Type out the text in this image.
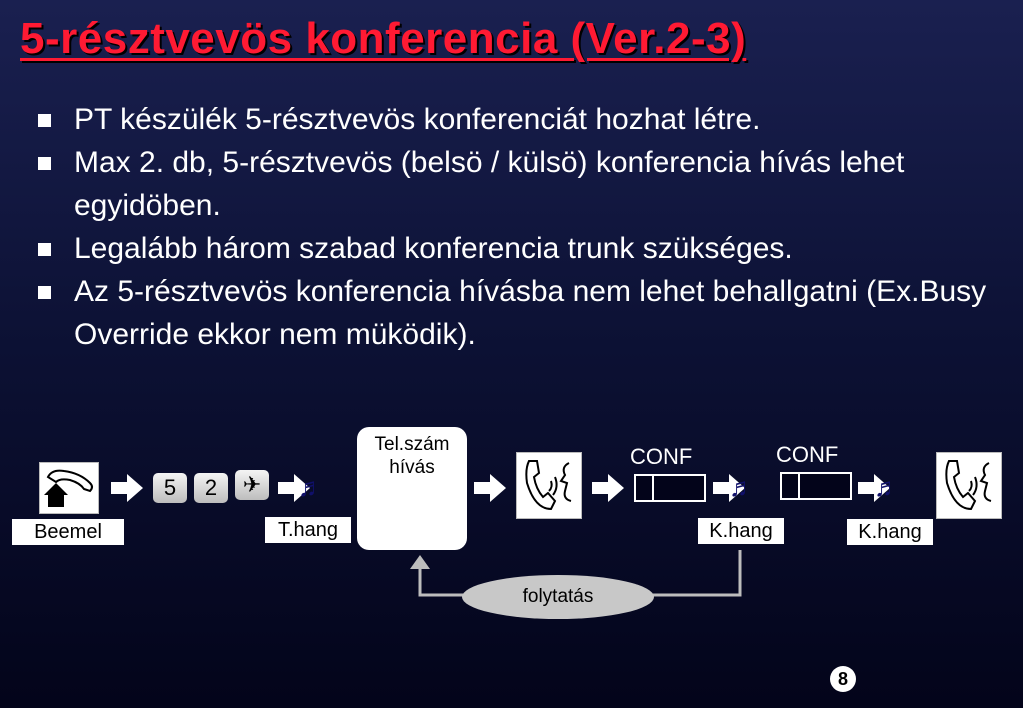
5-résztvevös konferencia (Ver.2-3)
PT készülék 5-résztvevös konferenciát hozhat létre.
Max 2. db, 5-résztvevös (belsö / külsö) konferencia hívás lehet egyidöben.
Legalább három szabad konferencia trunk szükséges.
Az 5-résztvevös konferencia hívásba nem lehet behallgatni (Ex.Busy Override ekkor nem müködik).
Beemel
5	2	✈ ♬
T.hang
Tel.szám
hívás	CONF
♬
K.hang
CONF
♬
K.hang
folytatás
8
